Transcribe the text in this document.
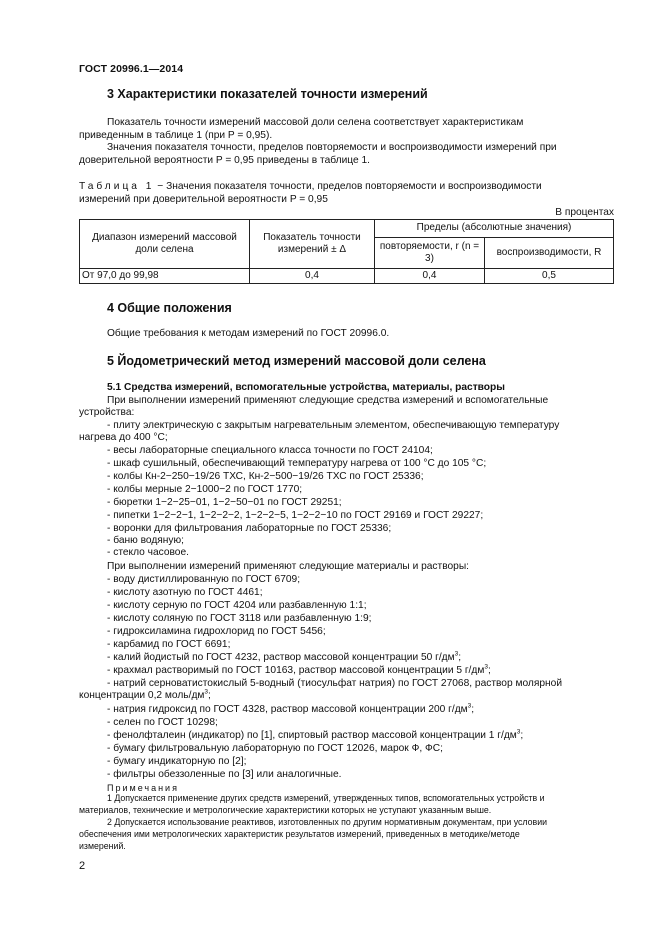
ГОСТ 20996.1—2014
3 Характеристики показателей точности измерений
Показатель точности измерений массовой доли селена соответствует характеристикам
приведенным в таблице 1 (при P = 0,95).
Значения показателя точности, пределов повторяемости и воспроизводимости измерений при
доверительной вероятности P = 0,95 приведены в таблице 1.
Таблица 1 − Значения показателя точности, пределов повторяемости и воспроизводимости
измерений при доверительной вероятности P = 0,95
В процентах
Диапазон измерений массовой доли селена	Показатель точности измерений ± Δ	Пределы (абсолютные значения)	
		повторяемости, r (n = 3)	воспроизводимости, R
От 97,0 до 99,98	0,4	0,4	0,5
4 Общие положения
Общие требования к методам измерений по ГОСТ 20996.0.
5 Йодометрический метод измерений массовой доли селена
5.1 Средства измерений, вспомогательные устройства, материалы, растворы
При выполнении измерений применяют следующие средства измерений и вспомогательные
устройства:
- плиту электрическую с закрытым нагревательным элементом, обеспечивающую температуру
нагрева до 400 °С;
- весы лабораторные специального класса точности по ГОСТ 24104;
- шкаф сушильный, обеспечивающий температуру нагрева от 100 °С до 105 °С;
- колбы Кн-2−250−19/26 ТХС, Кн-2−500−19/26 ТХС по ГОСТ 25336;
- колбы мерные 2−1000−2 по ГОСТ 1770;
- бюретки 1−2−25−01, 1−2−50−01 по ГОСТ 29251;
- пипетки 1−2−2−1, 1−2−2−2, 1−2−2−5, 1−2−2−10 по ГОСТ 29169 и ГОСТ 29227;
- воронки для фильтрования лабораторные по ГОСТ 25336;
- баню водяную;
- стекло часовое.
При выполнении измерений применяют следующие материалы и растворы:
- воду дистиллированную по ГОСТ 6709;
- кислоту азотную по ГОСТ 4461;
- кислоту серную по ГОСТ 4204 или разбавленную 1:1;
- кислоту соляную по ГОСТ 3118 или разбавленную 1:9;
- гидроксиламина гидрохлорид по ГОСТ 5456;
- карбамид по ГОСТ 6691;
- калий йодистый по ГОСТ 4232, раствор массовой концентрации 50 $г/дм^3$;
- крахмал растворимый по ГОСТ 10163, раствор массовой концентрации 5 $г/дм^3$;
- натрий серноватистокислый 5-водный (тиосульфат натрия) по ГОСТ 27068, раствор молярной
концентрации 0,2 моль/$дм^3$;
- натрия гидроксид по ГОСТ 4328, раствор массовой концентрации 200 $г/дм^3$;
- селен по ГОСТ 10298;
- фенолфталеин (индикатор) по [1], спиртовый раствор массовой концентрации 1 $г/дм^3$;
- бумагу фильтровальную лабораторную по ГОСТ 12026, марок Ф, ФС;
- бумагу индикаторную по [2];
- фильтры обеззоленные по [3] или аналогичные.
Примечания
1 Допускается применение других средств измерений, утвержденных типов, вспомогательных устройств и
материалов, технические и метрологические характеристики которых не уступают указанным выше.
2 Допускается использование реактивов, изготовленных по другим нормативным документам, при условии
обеспечения ими метрологических характеристик результатов измерений, приведенных в методике/методе
измерений.
2
